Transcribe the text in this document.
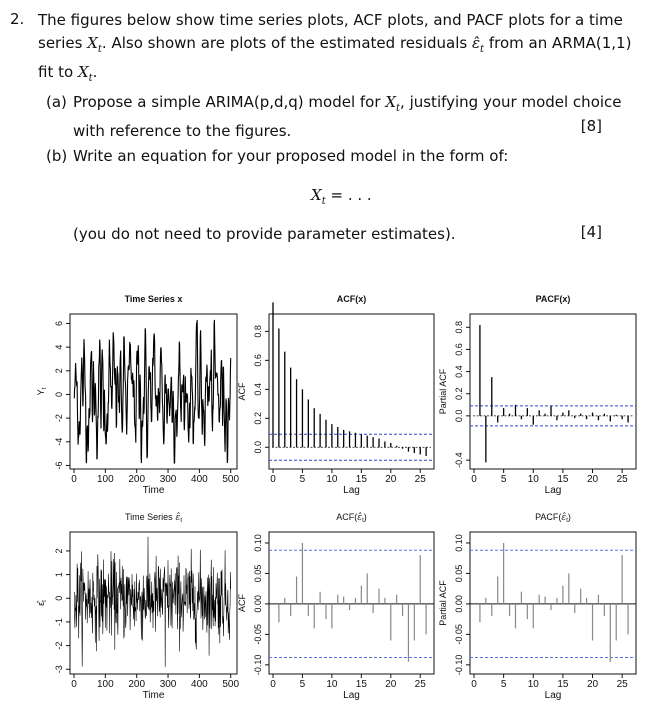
2. The figures below show time series plots, ACF plots, and PACF plots for a time
series $X_t$. Also shown are plots of the estimated residuals $\varepsilon̂_t$ from an ARMA(1,1)
fit to $X_t$.
(a) Propose a simple ARIMA(p,d,q) model for $X_t$, justifying your model choice
with reference to the figures.	[8]
(b) Write an equation for your proposed model in the form of:
$X_t$ = . . .
(you do not need to provide parameter estimates).	[4]
0 100 200 300 400 500
-6
-4
-2
0
2
4
6
Time Series x
Time
$Y_t$
0 5 10 15 20 25
0.0
0.2
0.4
0.6
0.8
ACF(x)
Lag
ACF
0 5 10 15 20 25
-0.4
0.0
0.2
0.4
0.6
0.8
PACF(x)
Lag
Partial ACF
0 100 200 300 400 500
-3
-2
-1
0
1
2
Time Series $\varepsilon̂_t$
Time
$\varepsilon̂_t$
0 5 10 15 20 25
-0.10
-0.05
0.00
0.05
0.10
$ACF(\varepsilon̂_t)$
Lag
ACF
0 5 10 15 20 25
-0.10
-0.05
0.00
0.05
0.10
$PACF(\varepsilon̂_t)$
Lag
Partial ACF
